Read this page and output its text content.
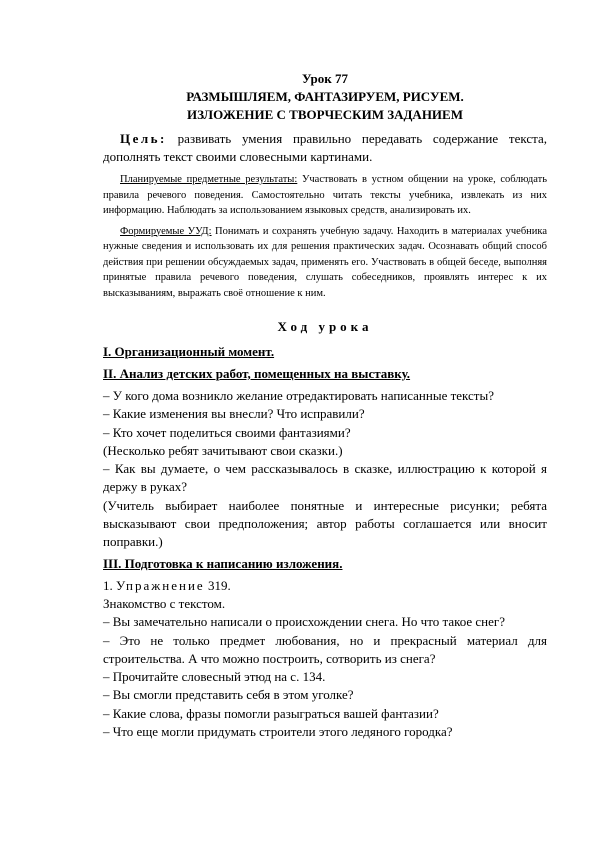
Урок 77
РАЗМЫШЛЯЕМ, ФАНТАЗИРУЕМ, РИСУЕМ.
ИЗЛОЖЕНИЕ С ТВОРЧЕСКИМ ЗАДАНИЕМ

Цель: развивать умения правильно передавать содержание текста, дополнять текст своими словесными картинами.

Планируемые предметные результаты: Участвовать в устном общении на уроке, соблюдать правила речевого поведения. Самостоятельно читать тексты учебника, извлекать из них информацию. Наблюдать за использованием языковых средств, анализировать их.

Формируемые УУД: Понимать и сохранять учебную задачу. Находить в материалах учебника нужные сведения и использовать их для решения практических задач. Осознавать общий способ действия при решении обсуждаемых задач, применять его. Участвовать в общей беседе, выполняя принятые правила речевого поведения, слушать собеседников, проявлять интерес к их высказываниям, выражать своё отношение к ним.

Ход урока
I. Организационный момент.
II. Анализ детских работ, помещенных на выставку.

– У кого дома возникло желание отредактировать написанные тексты?

– Какие изменения вы внесли? Что исправили?

– Кто хочет поделиться своими фантазиями?

(Несколько ребят зачитывают свои сказки.)

– Как вы думаете, о чем рассказывалось в сказке, иллюстрацию к которой я держу в руках?

(Учитель выбирает наиболее понятные и интересные рисунки; ребята высказывают свои предположения; автор работы соглашается или вносит поправки.)

III. Подготовка к написанию изложения.

1. Упражнение 319.

Знакомство с текстом.

– Вы замечательно написали о происхождении снега. Но что такое снег?

– Это не только предмет любования, но и прекрасный материал для строительства. А что можно построить, сотворить из снега?

– Прочитайте словесный этюд на с. 134.

– Вы смогли представить себя в этом уголке?

– Какие слова, фразы помогли разыграться вашей фантазии?

– Что еще могли придумать строители этого ледяного городка?
